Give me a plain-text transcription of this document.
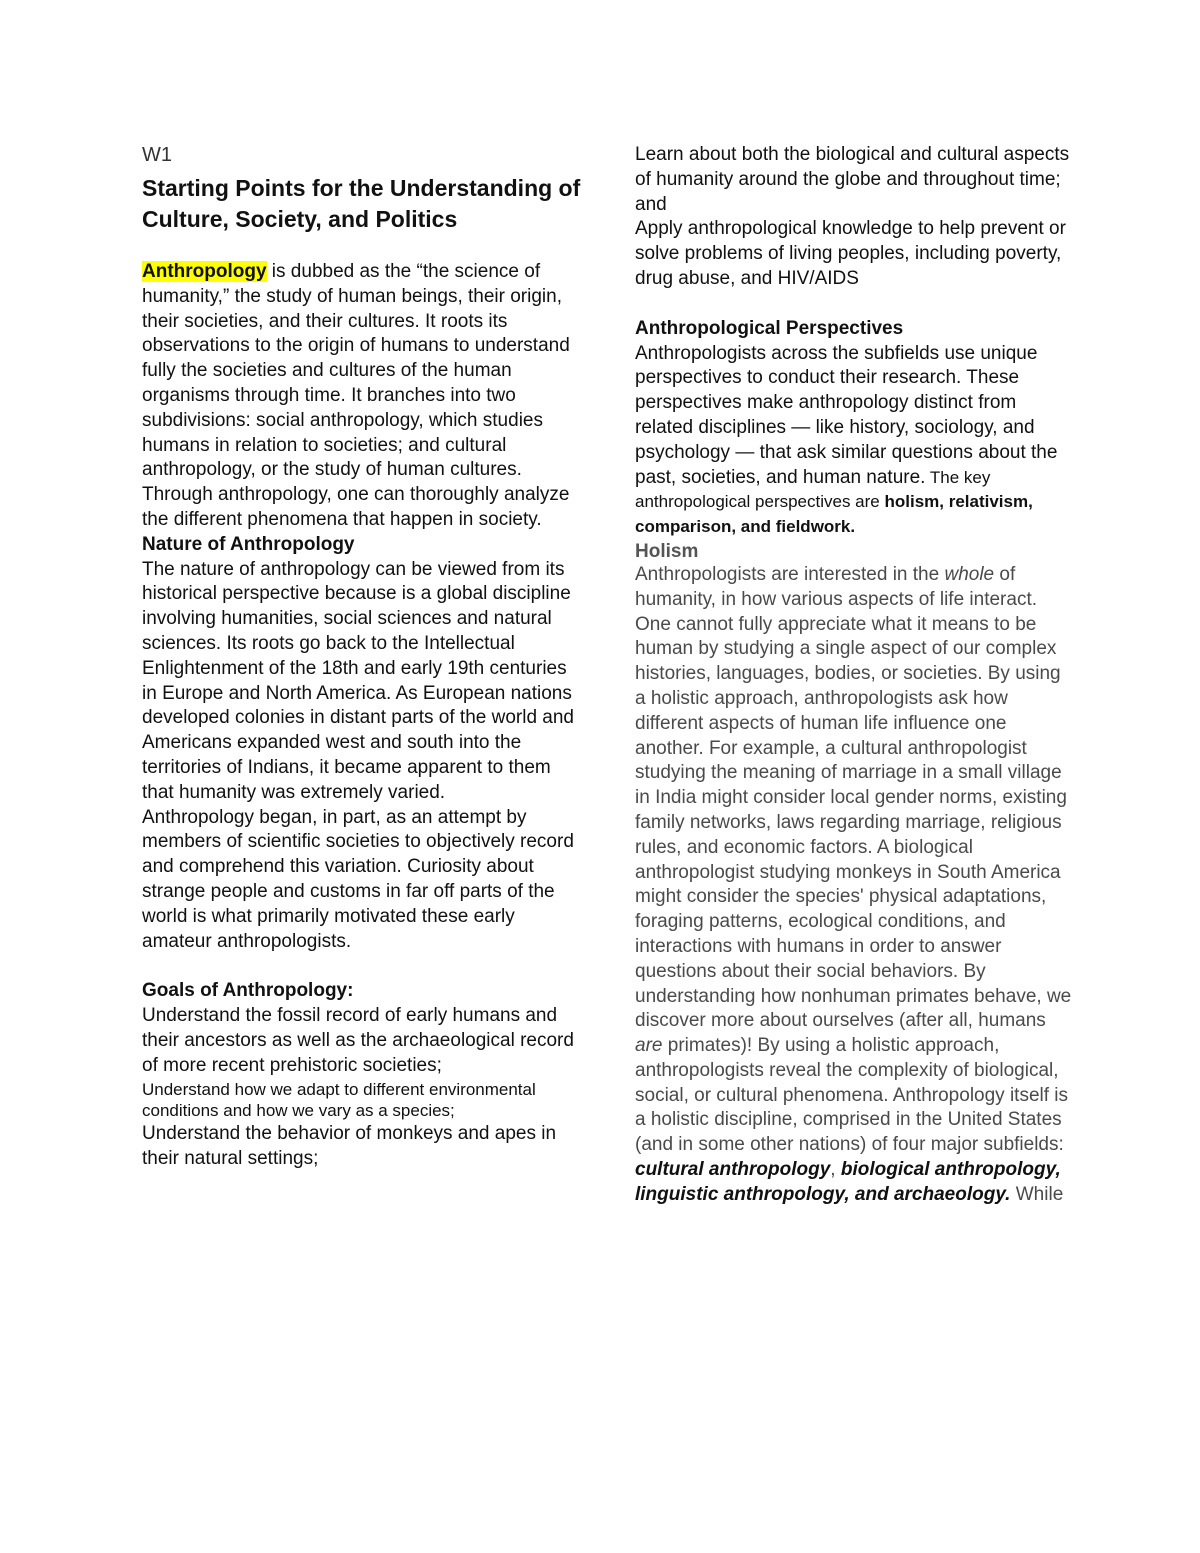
W1

Starting Points for the Understanding of Culture, Society, and Politics

Anthropology is dubbed as the “the science of humanity,” the study of human beings, their origin, their societies, and their cultures. It roots its observations to the origin of humans to understand fully the societies and cultures of the human organisms through time. It branches into two subdivisions: social anthropology, which studies humans in relation to societies; and cultural anthropology, or the study of human cultures.

Through anthropology, one can thoroughly analyze the different phenomena that happen in society.

Nature of Anthropology

The nature of anthropology can be viewed from its historical perspective because is a global discipline involving humanities, social sciences and natural sciences. Its roots go back to the Intellectual Enlightenment of the 18th and early 19th centuries in Europe and North America. As European nations developed colonies in distant parts of the world and Americans expanded west and south into the territories of Indians, it became apparent to them that humanity was extremely varied.

Anthropology began, in part, as an attempt by members of scientific societies to objectively record and comprehend this variation. Curiosity about strange people and customs in far off parts of the world is what primarily motivated these early amateur anthropologists.

Goals of Anthropology:

Understand the fossil record of early humans and their ancestors as well as the archaeological record of more recent prehistoric societies;

Understand how we adapt to different environmental conditions and how we vary as a species;

Understand the behavior of monkeys and apes in their natural settings;

Learn about both the biological and cultural aspects of humanity around the globe and throughout time; and

Apply anthropological knowledge to help prevent or solve problems of living peoples, including poverty, drug abuse, and HIV/AIDS

Anthropological Perspectives

Anthropologists across the subfields use unique perspectives to conduct their research. These perspectives make anthropology distinct from related disciplines — like history, sociology, and psychology — that ask similar questions about the past, societies, and human nature. The key anthropological perspectives are holism, relativism, comparison, and fieldwork.

Holism

Anthropologists are interested in the whole of humanity, in how various aspects of life interact. One cannot fully appreciate what it means to be human by studying a single aspect of our complex histories, languages, bodies, or societies. By using a holistic approach, anthropologists ask how different aspects of human life influence one another. For example, a cultural anthropologist studying the meaning of marriage in a small village in India might consider local gender norms, existing family networks, laws regarding marriage, religious rules, and economic factors. A biological anthropologist studying monkeys in South America might consider the species' physical adaptations, foraging patterns, ecological conditions, and interactions with humans in order to answer questions about their social behaviors. By understanding how nonhuman primates behave, we discover more about ourselves (after all, humans are primates)! By using a holistic approach, anthropologists reveal the complexity of biological, social, or cultural phenomena. Anthropology itself is a holistic discipline, comprised in the United States (and in some other nations) of four major subfields: cultural anthropology, biological anthropology, linguistic anthropology, and archaeology. While
